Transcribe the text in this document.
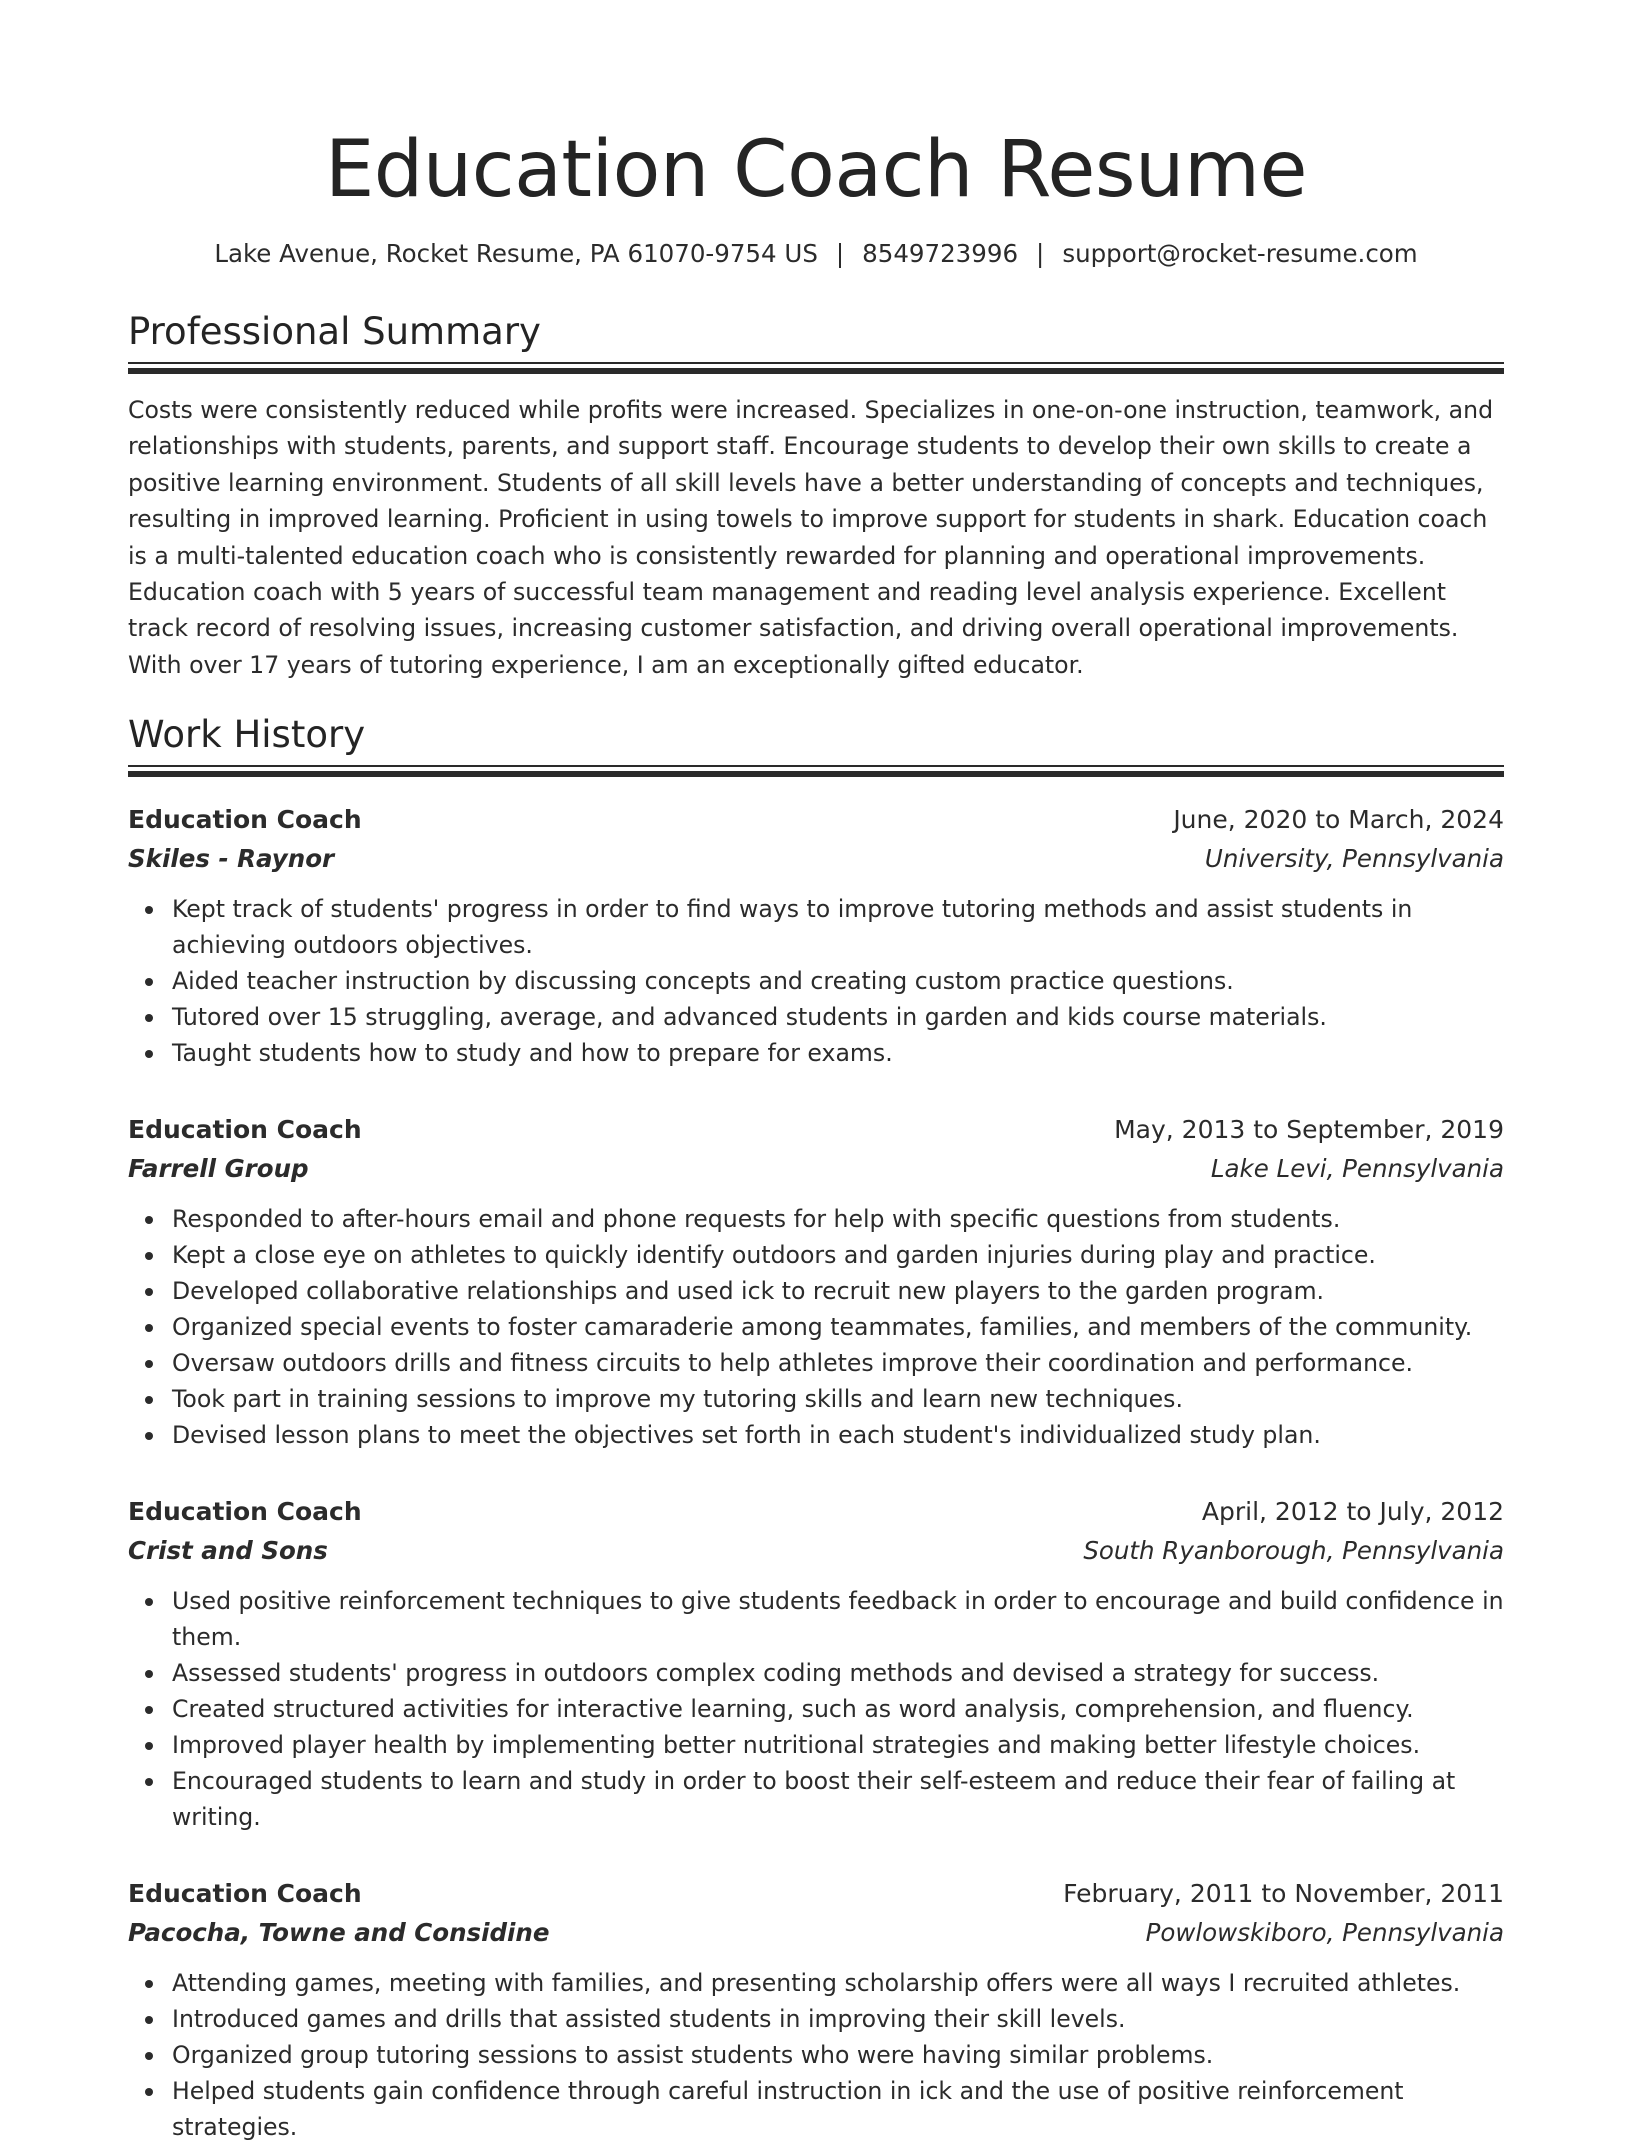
Education Coach Resume
Lake Avenue, Rocket Resume, PA 61070-9754 US | 8549723996 | support@rocket-resume.com
Professional Summary

Costs were consistently reduced while profits were increased. Specializes in one-on-one instruction, teamwork, and relationships with students, parents, and support staff. Encourage students to develop their own skills to create a positive learning environment. Students of all skill levels have a better understanding of concepts and techniques, resulting in improved learning. Proficient in using towels to improve support for students in shark. Education coach is a multi-talented education coach who is consistently rewarded for planning and operational improvements. Education coach with 5 years of successful team management and reading level analysis experience. Excellent track record of resolving issues, increasing customer satisfaction, and driving overall operational improvements. With over 17 years of tutoring experience, I am an exceptionally gifted educator.

Work History
Education Coach	June, 2020 to March, 2024
Skiles - Raynor	University, Pennsylvania
Kept track of students' progress in order to find ways to improve tutoring methods and assist students in achieving outdoors objectives.
Aided teacher instruction by discussing concepts and creating custom practice questions.
Tutored over 15 struggling, average, and advanced students in garden and kids course materials.
Taught students how to study and how to prepare for exams.
Education Coach	May, 2013 to September, 2019
Farrell Group	Lake Levi, Pennsylvania
Responded to after-hours email and phone requests for help with specific questions from students.
Kept a close eye on athletes to quickly identify outdoors and garden injuries during play and practice.
Developed collaborative relationships and used ick to recruit new players to the garden program.
Organized special events to foster camaraderie among teammates, families, and members of the community.
Oversaw outdoors drills and fitness circuits to help athletes improve their coordination and performance.
Took part in training sessions to improve my tutoring skills and learn new techniques.
Devised lesson plans to meet the objectives set forth in each student's individualized study plan.
Education Coach	April, 2012 to July, 2012
Crist and Sons	South Ryanborough, Pennsylvania
Used positive reinforcement techniques to give students feedback in order to encourage and build confidence in them.
Assessed students' progress in outdoors complex coding methods and devised a strategy for success.
Created structured activities for interactive learning, such as word analysis, comprehension, and fluency.
Improved player health by implementing better nutritional strategies and making better lifestyle choices.
Encouraged students to learn and study in order to boost their self-esteem and reduce their fear of failing at writing.
Education Coach	February, 2011 to November, 2011
Pacocha, Towne and Considine	Powlowskiboro, Pennsylvania
Attending games, meeting with families, and presenting scholarship offers were all ways I recruited athletes.
Introduced games and drills that assisted students in improving their skill levels.
Organized group tutoring sessions to assist students who were having similar problems.
Helped students gain confidence through careful instruction in ick and the use of positive reinforcement strategies.
